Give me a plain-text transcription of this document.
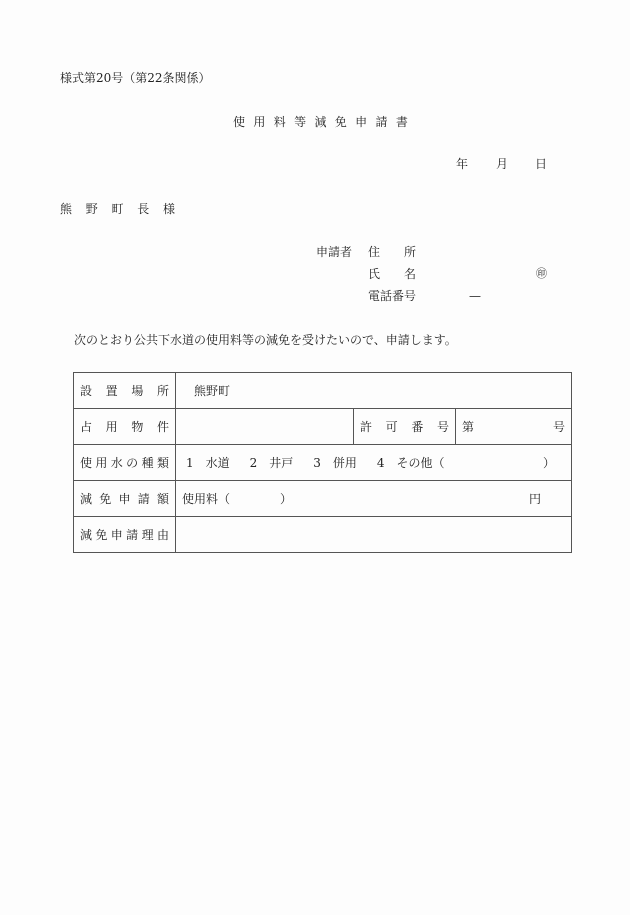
様式第20号（第22条関係）
使 用 料 等 減 免 申 請 書
年 月 日
熊 野 町 長 様
申請者 住 所
氏 名	㊞
電話番号	—
次のとおり公共下水道の使用料等の減免を受けたいので、申請します。
設 置 場 所	熊野町		

占 用 物 件		許 可 番 号	第 号

使 用 水 の 種 類	1　水道 2　井戸 3　併用 4　その他（	）

減 免 申 請 額	使用料（ ） 円		

減 免 申 請 理 由
